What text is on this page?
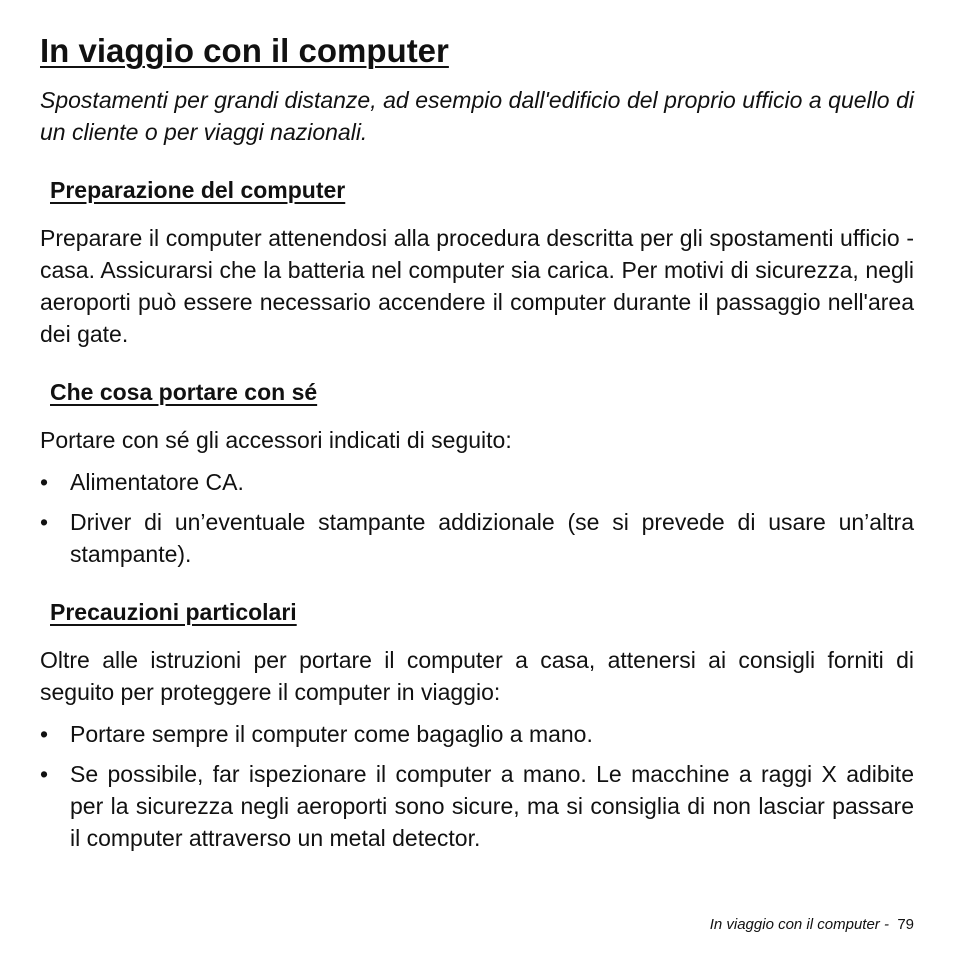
In viaggio con il computer

Spostamenti per grandi distanze, ad esempio dall'edificio del proprio ufficio a quello di un cliente o per viaggi nazionali.

Preparazione del computer

Preparare il computer attenendosi alla procedura descritta per gli spostamenti ufficio - casa. Assicurarsi che la batteria nel computer sia carica. Per motivi di sicurezza, negli aeroporti può essere necessario accendere il computer durante il passaggio nell'area dei gate.

Che cosa portare con sé

Portare con sé gli accessori indicati di seguito:

• Alimentatore CA.
• Driver di un’eventuale stampante addizionale (se si prevede di usare un’altra stampante).
Precauzioni particolari

Oltre alle istruzioni per portare il computer a casa, attenersi ai consigli forniti di seguito per proteggere il computer in viaggio:

• Portare sempre il computer come bagaglio a mano.
• Se possibile, far ispezionare il computer a mano. Le macchine a raggi X adibite per la sicurezza negli aeroporti sono sicure, ma si consiglia di non lasciar passare il computer attraverso un metal detector.
In viaggio con il computer - 79
